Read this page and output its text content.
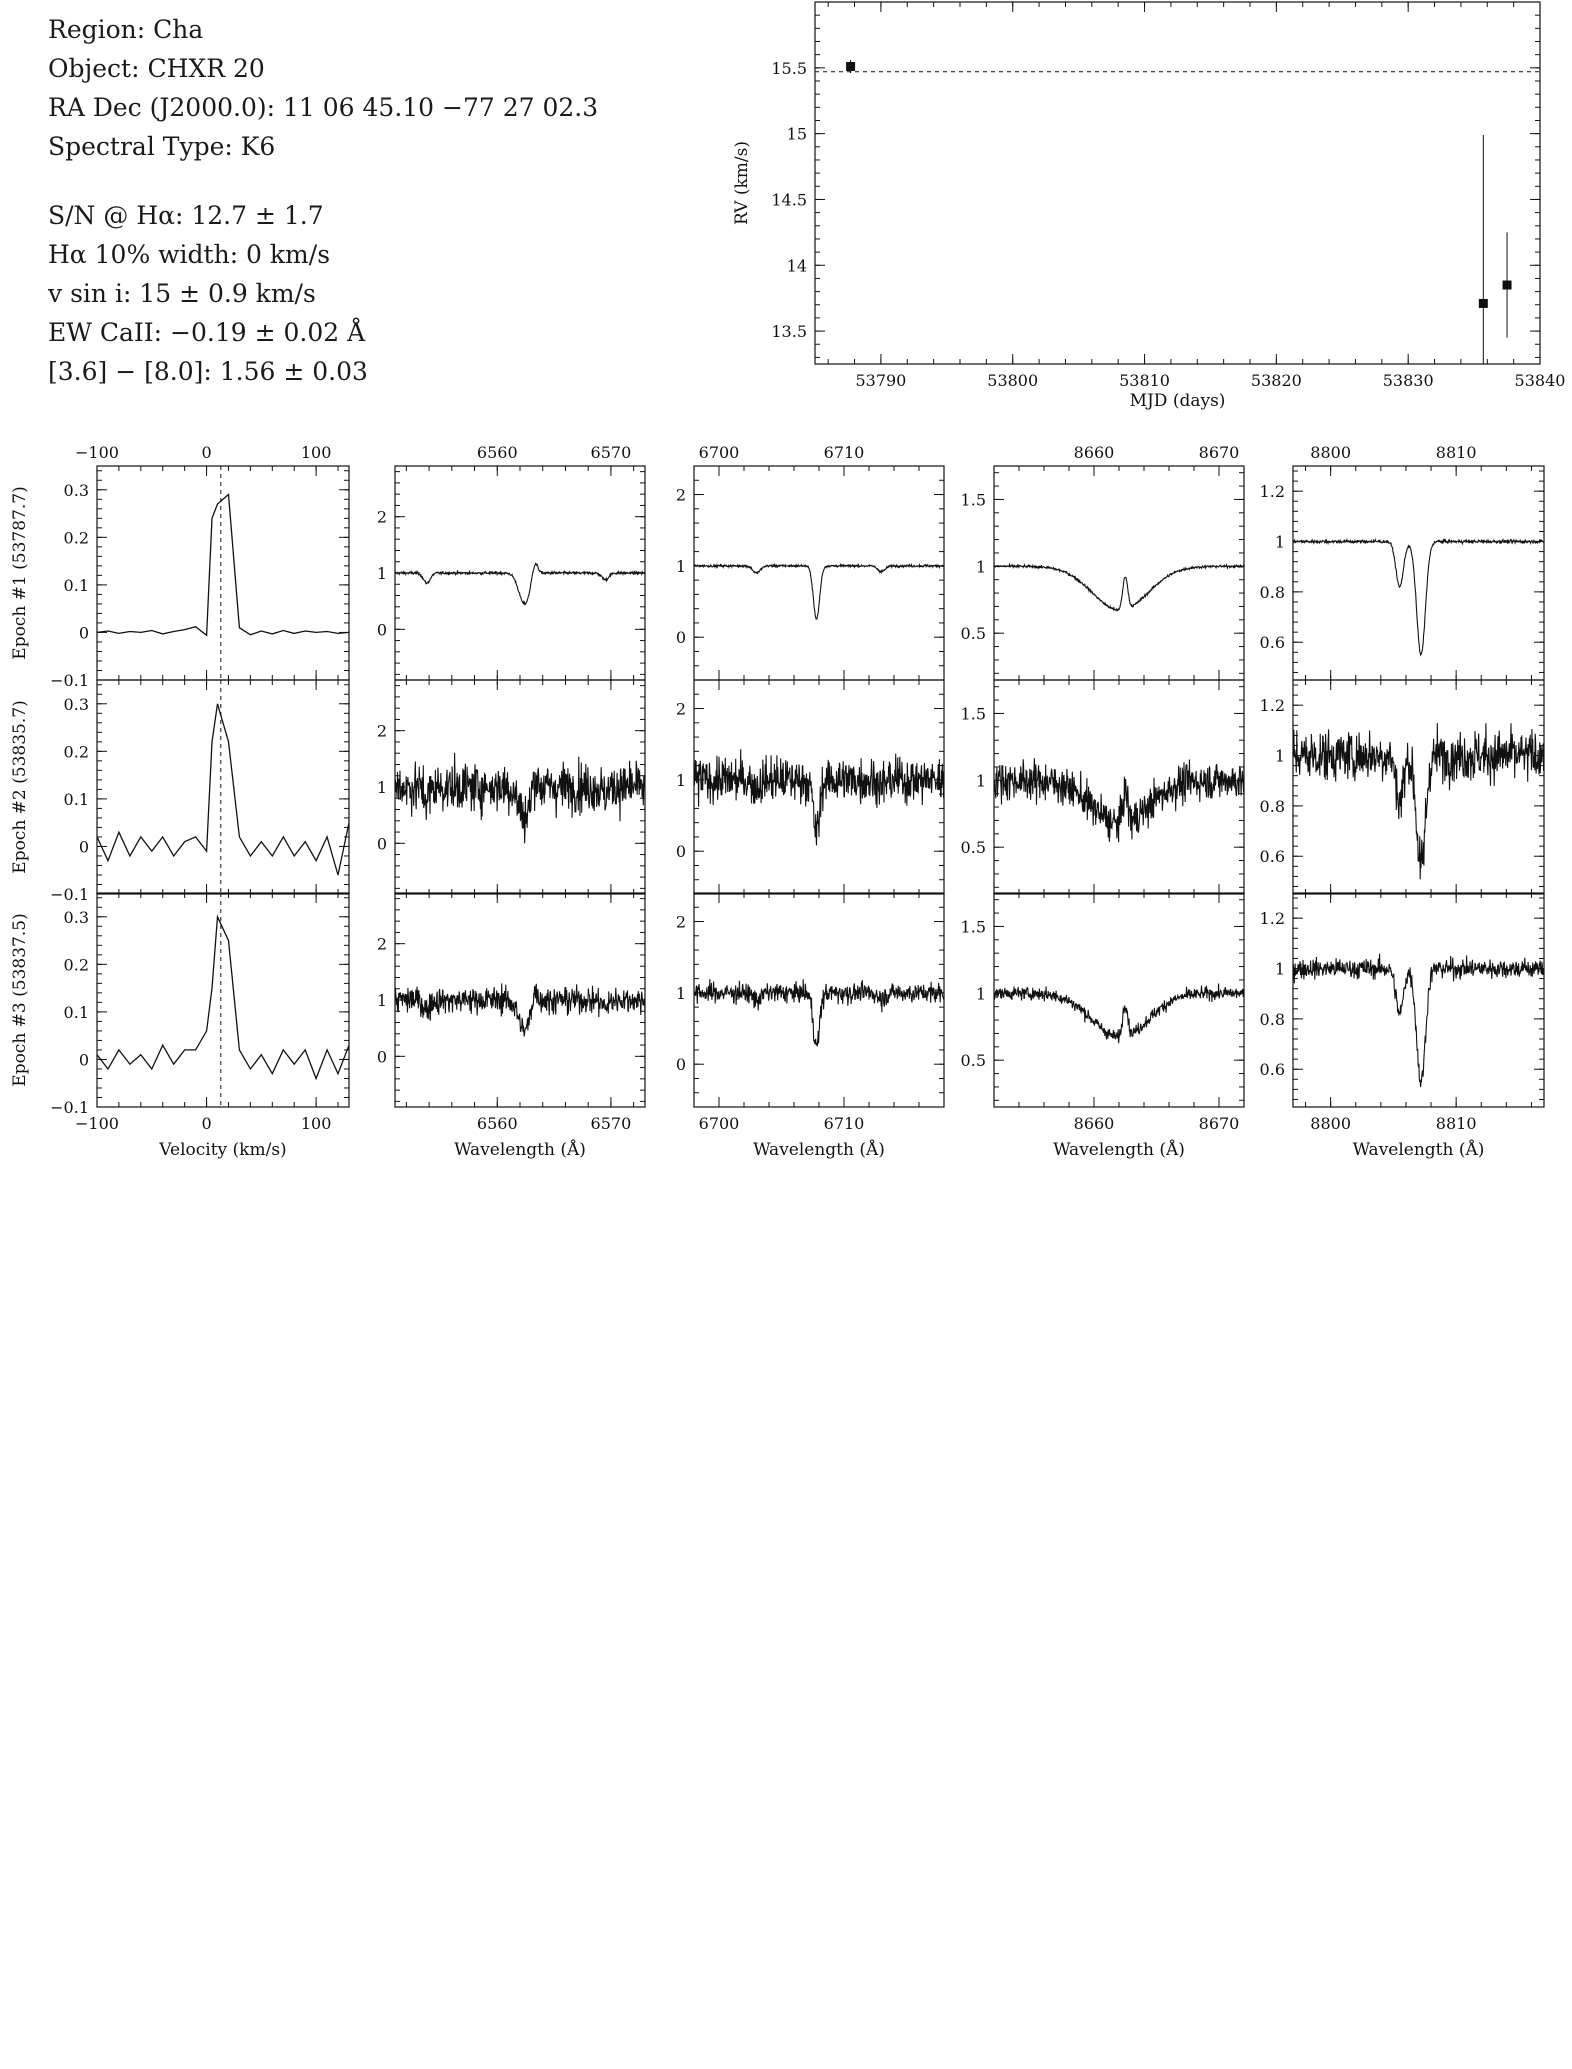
Region: Cha
Object: CHXR 20
RA Dec (J2000.0): 11 06 45.10 −77 27 02.3
Spectral Type: K6
S/N @ Hα: 12.7 ± 1.7
Hα 10% width: 0 km/s
v sin i: 15 ± 0.9 km/s
EW CaII: −0.19 ± 0.02 Å
[3.6] − [8.0]: 1.56 ± 0.03	53790	53800	53810	53820	53830	53840
13.5
14
14.5
15
15.5
MJD (days)
RV (km/s)
−100	0	100
−0.1
0
0.1
0.2
0.3
Epoch #1 (53787.7)
6560	6570
0
1
2
6700	6710
0
1
2
8660	8670
0.5
1
1.5
8800	8810
0.6
0.8
1
1.2
−0.1
0
0.1
0.2
0.3
Epoch #2 (53835.7)	0
1
2
0
1
2
0.5
1
1.5
0.6
0.8
1
1.2
−100	0	100
−0.1
0
0.1
0.2
0.3
Epoch #3 (53837.5)
6560	6570
0
1
2
Wavelength (Å)
6700	6710
0
1
2
Wavelength (Å)
8660	8670
0.5
1
1.5
Wavelength (Å)
8800	8810
0.6
0.8
1
1.2
Wavelength (Å)
Velocity (km/s)
